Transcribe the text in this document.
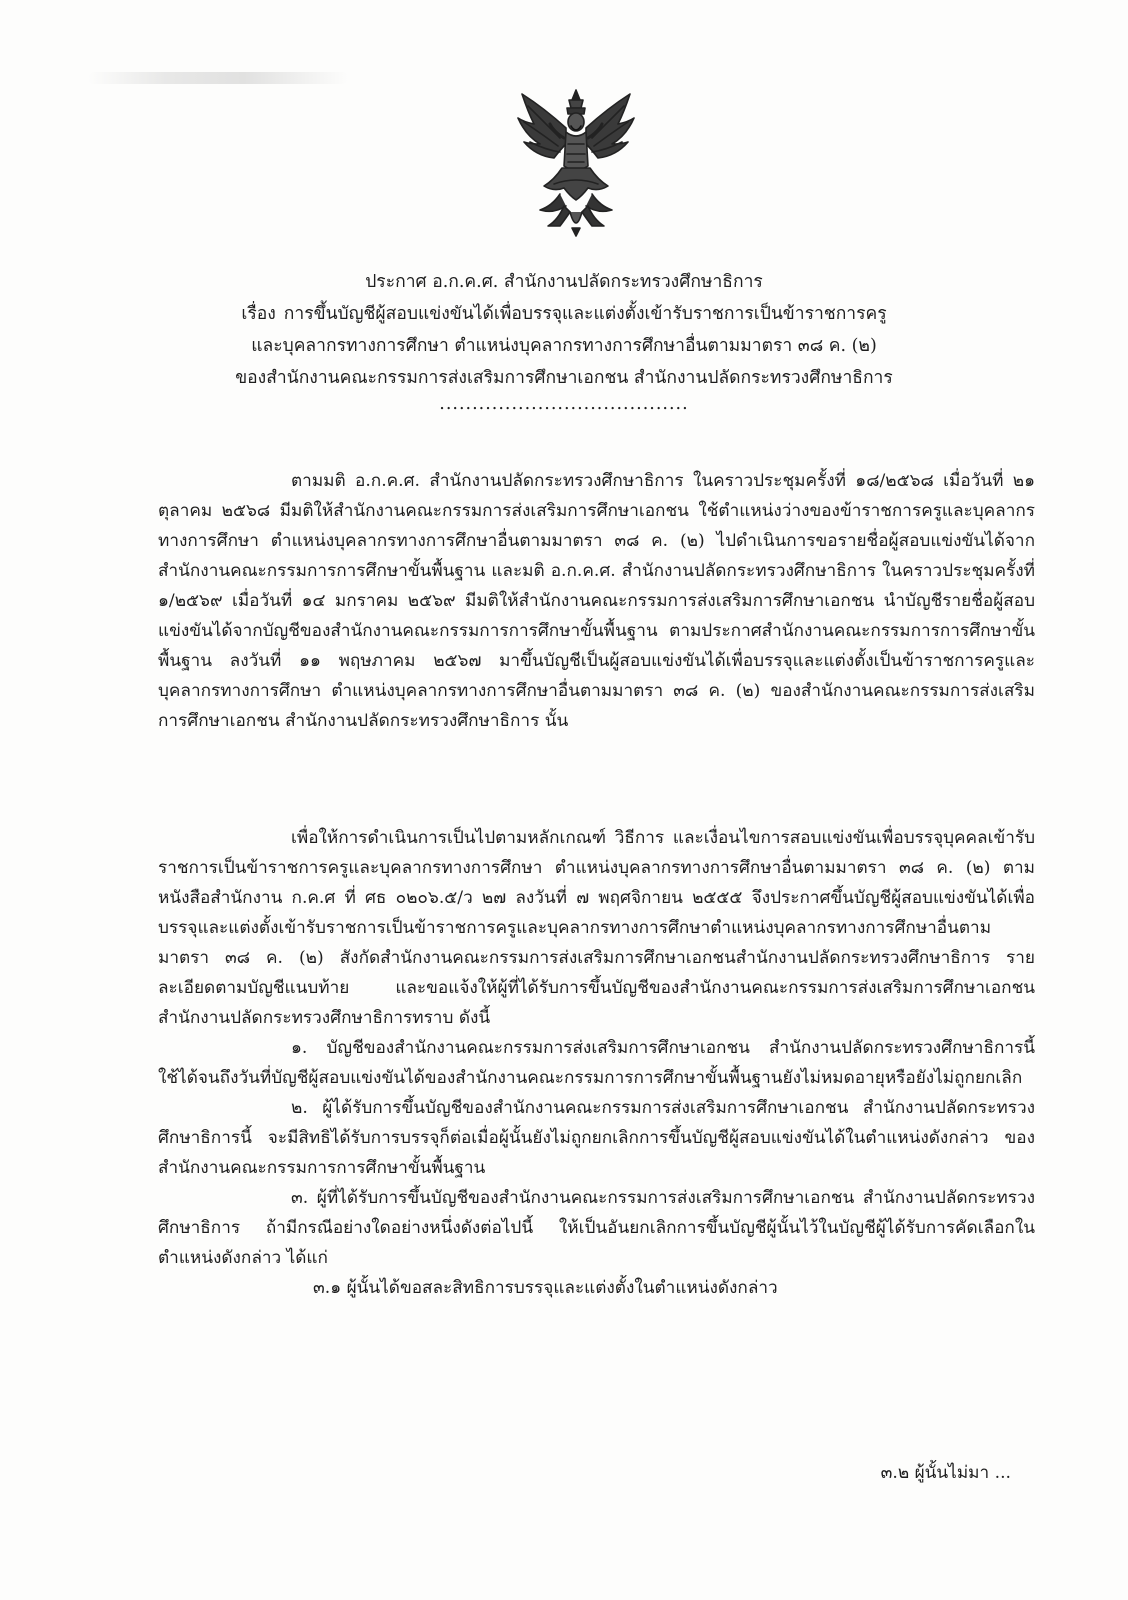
ประกาศ อ.ก.ค.ศ. สำนักงานปลัดกระทรวงศึกษาธิการ
เรื่อง การขึ้นบัญชีผู้สอบแข่งขันได้เพื่อบรรจุและแต่งตั้งเข้ารับราชการเป็นข้าราชการครู
และบุคลากรทางการศึกษา ตำแหน่งบุคลากรทางการศึกษาอื่นตามมาตรา ๓๘ ค. (๒)
ของสำนักงานคณะกรรมการส่งเสริมการศึกษาเอกชน สำนักงานปลัดกระทรวงศึกษาธิการ
......................................

ตามมติ อ.ก.ค.ศ. สำนักงานปลัดกระทรวงศึกษาธิการ ในคราวประชุมครั้งที่ ๑๘/๒๕๖๘ เมื่อวันที่ ๒๑ ตุลาคม ๒๕๖๘ มีมติให้สำนักงานคณะกรรมการส่งเสริมการศึกษาเอกชน ใช้ตำแหน่งว่างของข้าราชการครูและบุคลากรทางการศึกษา ตำแหน่งบุคลากรทางการศึกษาอื่นตามมาตรา ๓๘ ค. (๒) ไปดำเนินการขอรายชื่อผู้สอบแข่งขันได้จากสำนักงานคณะกรรมการการศึกษาขั้นพื้นฐาน และมติ อ.ก.ค.ศ. สำนักงานปลัดกระทรวงศึกษาธิการ ในคราวประชุมครั้งที่ ๑/๒๕๖๙ เมื่อวันที่ ๑๔ มกราคม ๒๕๖๙ มีมติให้สำนักงานคณะกรรมการส่งเสริมการศึกษาเอกชน นำบัญชีรายชื่อผู้สอบแข่งขันได้จากบัญชีของสำนักงานคณะกรรมการการศึกษาขั้นพื้นฐาน ตามประกาศสำนักงานคณะกรรมการการศึกษาขั้นพื้นฐาน ลงวันที่ ๑๑ พฤษภาคม ๒๕๖๗ มาขึ้นบัญชีเป็นผู้สอบแข่งขันได้เพื่อบรรจุและแต่งตั้งเป็นข้าราชการครูและบุคลากรทางการศึกษา ตำแหน่งบุคลากรทางการศึกษาอื่นตามมาตรา ๓๘ ค. (๒) ของสำนักงานคณะกรรมการส่งเสริมการศึกษาเอกชน สำนักงานปลัดกระทรวงศึกษาธิการ นั้น

เพื่อให้การดำเนินการเป็นไปตามหลักเกณฑ์ วิธีการ และเงื่อนไขการสอบแข่งขันเพื่อบรรจุบุคคลเข้ารับราชการเป็นข้าราชการครูและบุคลากรทางการศึกษา ตำแหน่งบุคลากรทางการศึกษาอื่นตามมาตรา ๓๘ ค. (๒) ตามหนังสือสำนักงาน ก.ค.ศ ที่ ศธ ๐๒๐๖.๕/ว ๒๗ ลงวันที่ ๗ พฤศจิกายน ๒๕๕๕ จึงประกาศขึ้นบัญชีผู้สอบแข่งขันได้เพื่อบรรจุและแต่งตั้งเข้ารับราชการเป็นข้าราชการครูและบุคลากรทางการศึกษาตำแหน่งบุคลากรทางการศึกษาอื่นตามมาตรา ๓๘ ค. (๒) สังกัดสำนักงานคณะกรรมการส่งเสริมการศึกษาเอกชนสำนักงานปลัดกระทรวงศึกษาธิการ รายละเอียดตามบัญชีแนบท้าย และขอแจ้งให้ผู้ที่ได้รับการขึ้นบัญชีของสำนักงานคณะกรรมการส่งเสริมการศึกษาเอกชน สำนักงานปลัดกระทรวงศึกษาธิการทราบ ดังนี้

๑. บัญชีของสำนักงานคณะกรรมการส่งเสริมการศึกษาเอกชน สำนักงานปลัดกระทรวงศึกษาธิการนี้ใช้ได้จนถึงวันที่บัญชีผู้สอบแข่งขันได้ของสำนักงานคณะกรรมการการศึกษาขั้นพื้นฐานยังไม่หมดอายุหรือยังไม่ถูกยกเลิก

๒. ผู้ได้รับการขึ้นบัญชีของสำนักงานคณะกรรมการส่งเสริมการศึกษาเอกชน สำนักงานปลัดกระทรวงศึกษาธิการนี้ จะมีสิทธิได้รับการบรรจุก็ต่อเมื่อผู้นั้นยังไม่ถูกยกเลิกการขึ้นบัญชีผู้สอบแข่งขันได้ในตำแหน่งดังกล่าว ของสำนักงานคณะกรรมการการศึกษาขั้นพื้นฐาน

๓. ผู้ที่ได้รับการขึ้นบัญชีของสำนักงานคณะกรรมการส่งเสริมการศึกษาเอกชน สำนักงานปลัดกระทรวงศึกษาธิการ ถ้ามีกรณีอย่างใดอย่างหนึ่งดังต่อไปนี้ ให้เป็นอันยกเลิกการขึ้นบัญชีผู้นั้นไว้ในบัญชีผู้ได้รับการคัดเลือกในตำแหน่งดังกล่าว ได้แก่

๓.๑ ผู้นั้นได้ขอสละสิทธิการบรรจุและแต่งตั้งในตำแหน่งดังกล่าว

๓.๒ ผู้นั้นไม่มา ...
